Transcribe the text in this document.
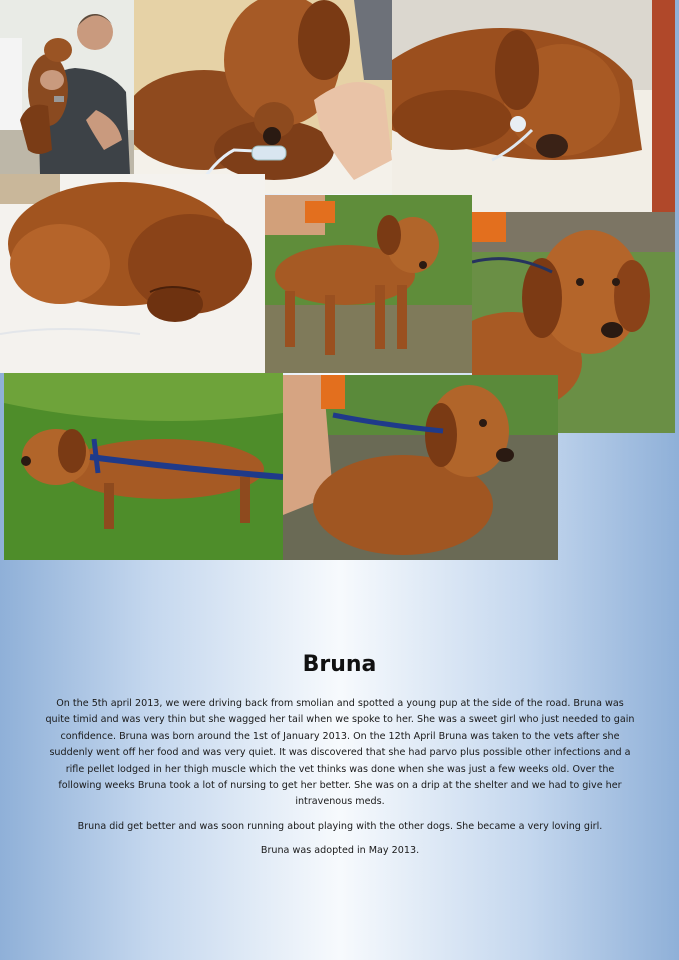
Bruna

On the 5th april 2013, we were driving back from smolian and spotted a young pup at the side of the road. Bruna was quite timid and was very thin but she wagged her tail when we spoke to her. She was a sweet girl who just needed to gain confidence. Bruna was born around the 1st of January 2013. On the 12th April Bruna was taken to the vets after she suddenly went off her food and was very quiet. It was discovered that she had parvo plus possible other infections and a rifle pellet lodged in her thigh muscle which the vet thinks was done when she was just a few weeks old. Over the following weeks Bruna took a lot of nursing to get her better. She was on a drip at the shelter and we had to give her intravenous meds.

Bruna did get better and was soon running about playing with the other dogs. She became a very loving girl.

Bruna was adopted in May 2013.
